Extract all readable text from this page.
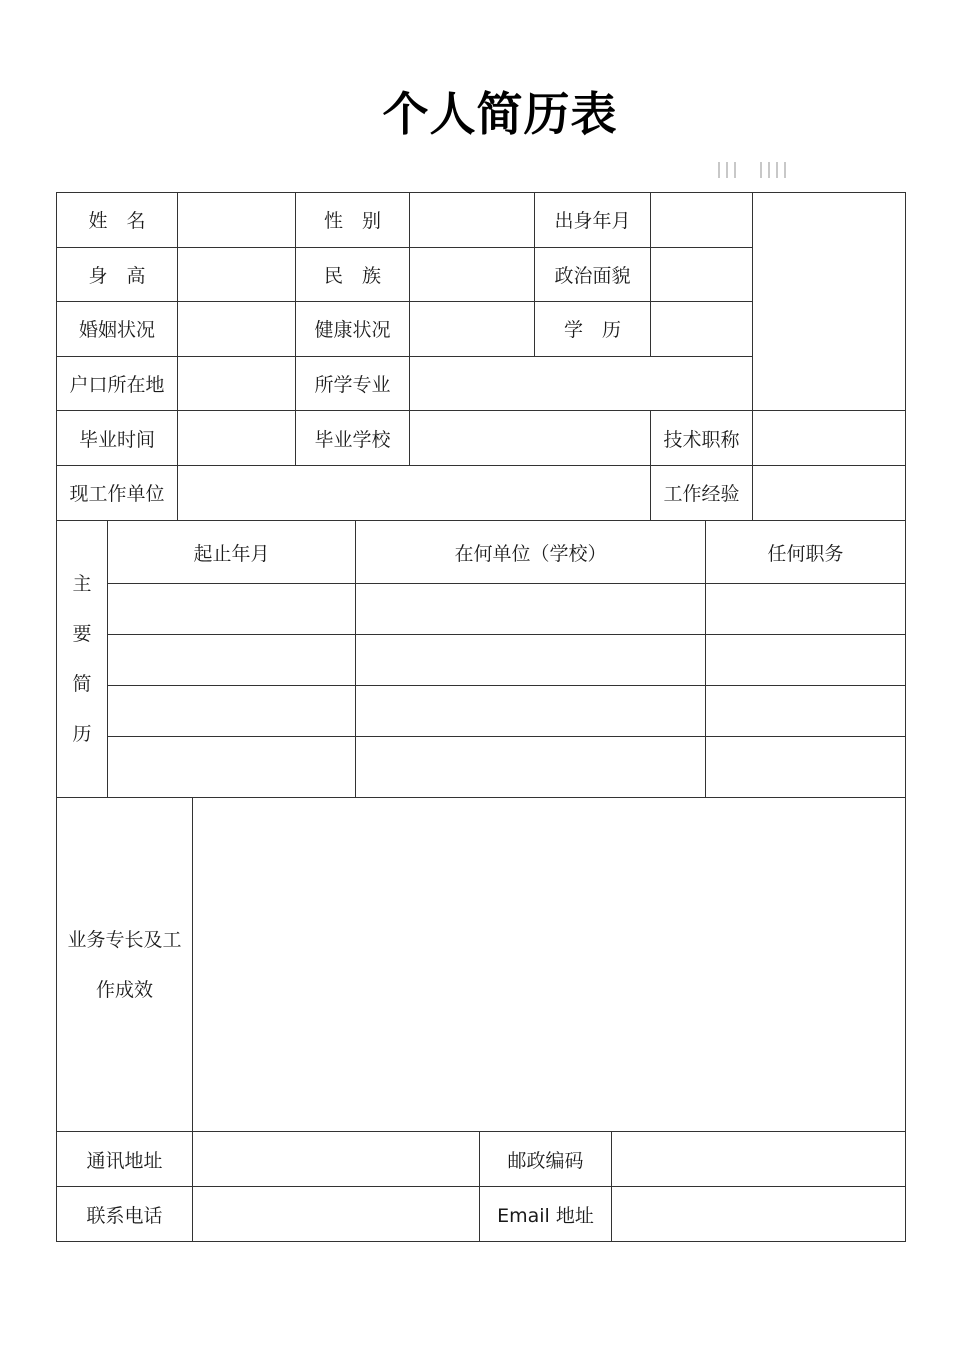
个人简历表
姓　名		性　别		出身年月		
身　高		民　族		政治面貌		
婚姻状况		健康状况		学　历		
户口所在地		所学专业				
毕业时间		毕业学校			技术职称	
现工作单位					工作经验	
主
要
简
历	起止年月	在何单位（学校）	任何职务

业务专长及工
作成效

通讯地址		邮政编码	
联系电话		Email 地址	
